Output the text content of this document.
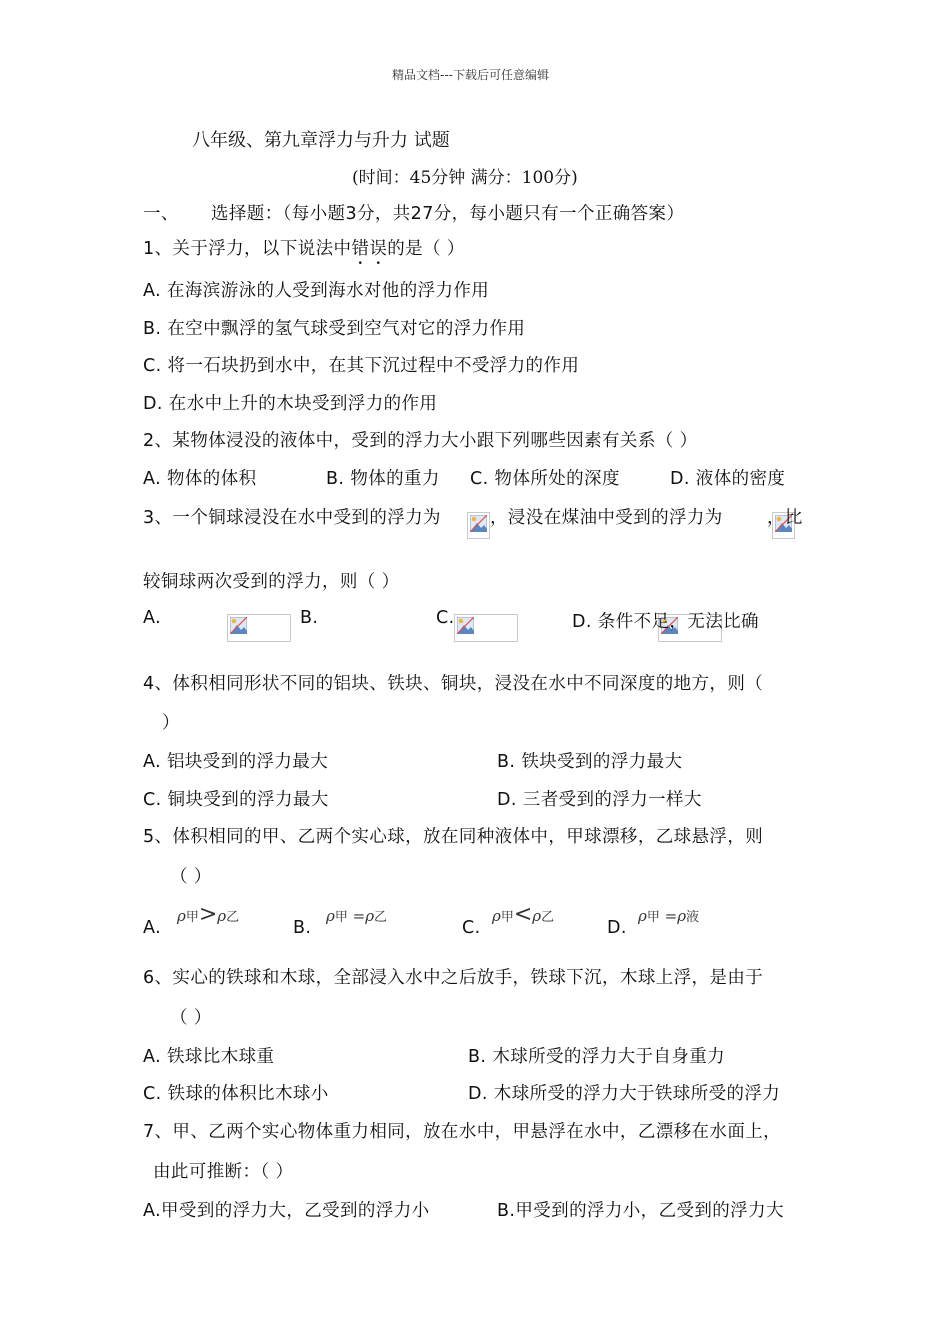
精品文档---下载后可任意编辑
八年级、第九章浮力与升力 试题
(时间：45分钟 满分：100分)
一、 选择题：（每小题3分，共27分，每小题只有一个正确答案）
1、关于浮力，以下说法中错误的是（ ）
A. 在海滨游泳的人受到海水对他的浮力作用
B. 在空中飘浮的氢气球受到空气对它的浮力作用
C. 将一石块扔到水中，在其下沉过程中不受浮力的作用
D. 在水中上升的木块受到浮力的作用
2、某物体浸没的液体中，受到的浮力大小跟下列哪些因素有关系（ ）
A. 物体的体积	B. 物体的重力 C. 物体所处的深度	D. 液体的密度
3、一个铜球浸没在水中受到的浮力为
	，浸没在煤油中受到的浮力为
	，比
较铜球两次受到的浮力，则（ ）
A.
	B.
	C.	D. 条件不足，无法比确
4、体积相同形状不同的铝块、铁块、铜块，浸没在水中不同深度的地方，则（
）
A. 铝块受到的浮力最大	B. 铁块受到的浮力最大
C. 铜块受到的浮力最大	D. 三者受到的浮力一样大
5、体积相同的甲、乙两个实心球，放在同种液体中，甲球漂移，乙球悬浮，则
（ ）
A.
ρ甲>ρ乙
B.
ρ甲 =ρ乙
C.
ρ甲<ρ乙
D.
ρ甲 =ρ液
6、实心的铁球和木球，全部浸入水中之后放手，铁球下沉，木球上浮，是由于
（ ）
A. 铁球比木球重	B. 木球所受的浮力大于自身重力
C. 铁球的体积比木球小	D. 木球所受的浮力大于铁球所受的浮力
7、甲、乙两个实心物体重力相同，放在水中，甲悬浮在水中，乙漂移在水面上，
由此可推断：（ ）
A.甲受到的浮力大，乙受到的浮力小	B.甲受到的浮力小，乙受到的浮力大
